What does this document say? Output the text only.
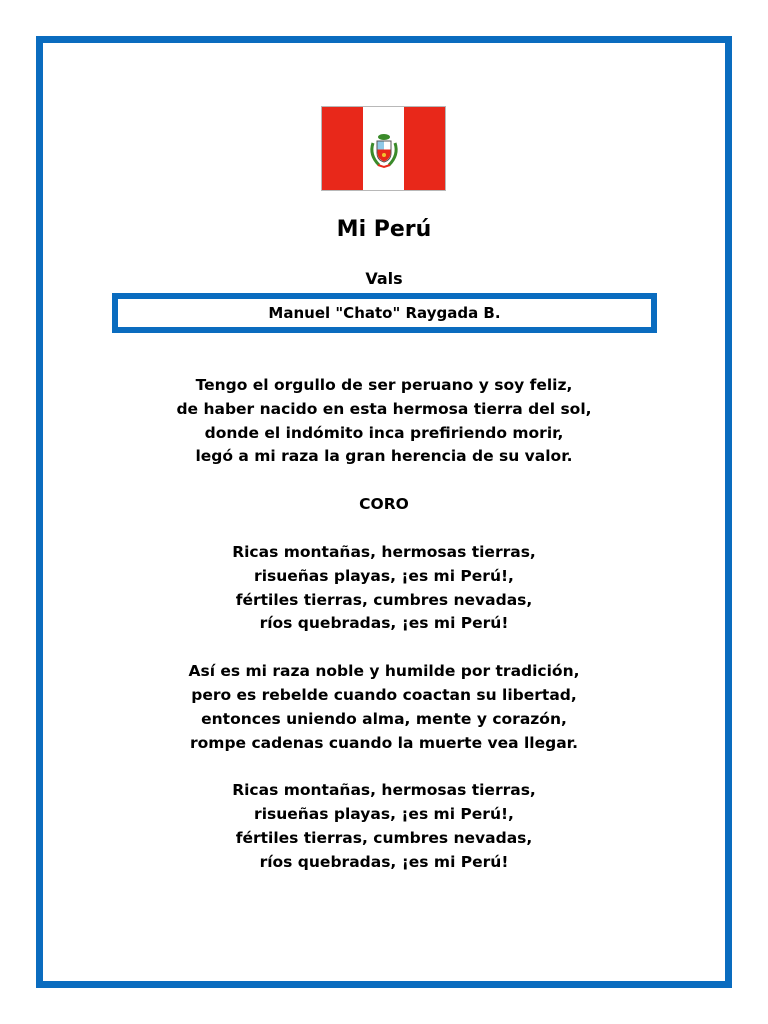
Mi Perú
Vals
Manuel "Chato" Raygada B.
Tengo el orgullo de ser peruano y soy feliz,
de haber nacido en esta hermosa tierra del sol,
donde el indómito inca prefiriendo morir,
legó a mi raza la gran herencia de su valor.
CORO
Ricas montañas, hermosas tierras,
risueñas playas, ¡es mi Perú!,
fértiles tierras, cumbres nevadas,
ríos quebradas, ¡es mi Perú!
Así es mi raza noble y humilde por tradición,
pero es rebelde cuando coactan su libertad,
entonces uniendo alma, mente y corazón,
rompe cadenas cuando la muerte vea llegar.
Ricas montañas, hermosas tierras,
risueñas playas, ¡es mi Perú!,
fértiles tierras, cumbres nevadas,
ríos quebradas, ¡es mi Perú!
